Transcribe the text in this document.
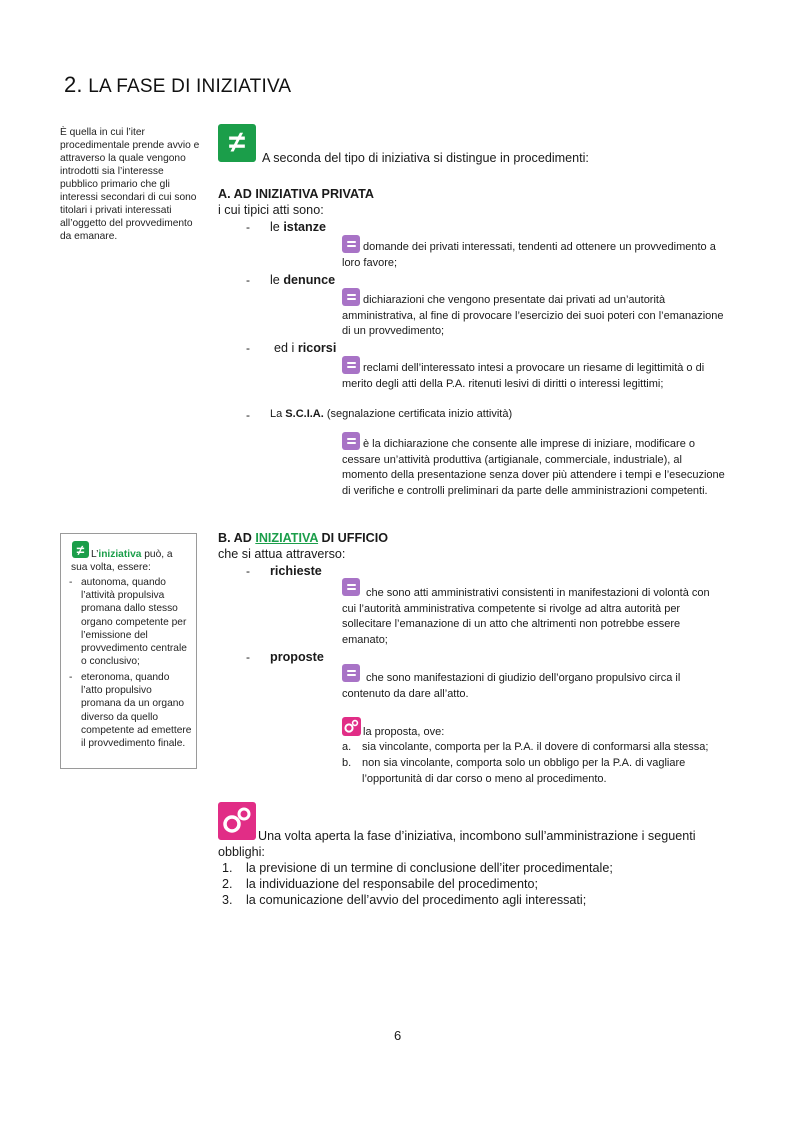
2. LA FASE DI INIZIATIVA
È quella in cui l’iter procedimentale prende avvio e attraverso la quale vengono introdotti sia l’interesse pubblico primario che gli interessi secondari di cui sono titolari i privati interessati all’oggetto del provvedimento da emanare.
≠	A seconda del tipo di iniziativa si distingue in procedimenti:
A. AD INIZIATIVA PRIVATA
i cui tipici atti sono:
- le istanze
domande dei privati interessati, tendenti ad ottenere un provvedimento a loro favore;
- le denunce
dichiarazioni che vengono presentate dai privati ad un’autorità amministrativa, al fine di provocare l’esercizio dei suoi poteri con l’emanazione di un provvedimento;
- ed i ricorsi
reclami dell’interessato intesi a provocare un riesame di legittimità o di merito degli atti della P.A. ritenuti lesivi di diritti o interessi legittimi;
- La S.C.I.A. (segnalazione certificata inizio attività)
è la dichiarazione che consente alle imprese di iniziare, modificare o cessare un’attività produttiva (artigianale, commerciale, industriale), al momento della presentazione senza dover più attendere i tempi e l’esecuzione di verifiche e controlli preliminari da parte delle amministrazioni competenti.
B. AD INIZIATIVA DI UFFICIO
che si attua attraverso:
- richieste
che sono atti amministrativi consistenti in manifestazioni di volontà con cui l’autorità amministrativa competente si rivolge ad altra autorità per sollecitare l’emanazione di un atto che altrimenti non potrebbe essere emanato;
- proposte
che sono manifestazioni di giudizio dell’organo propulsivo circa il contenuto da dare all’atto.
la proposta, ove:
a. sia vincolante, comporta per la P.A. il dovere di conformarsi alla stessa;
b. non sia vincolante, comporta solo un obbligo per la P.A. di vagliare l’opportunità di dar corso o meno al procedimento.
≠ L’iniziativa può, a sua volta, essere:
- autonoma, quando l’attività propulsiva promana dallo stesso organo competente per l’emissione del provvedimento centrale o conclusivo;
- eteronoma, quando l’atto propulsivo promana da un organo diverso da quello competente ad emettere il provvedimento finale.
Una volta aperta la fase d’iniziativa, incombono sull’amministrazione i seguenti obblighi:
1. la previsione di un termine di conclusione dell’iter procedimentale;
2. la individuazione del responsabile del procedimento;
3. la comunicazione dell’avvio del procedimento agli interessati;
6
